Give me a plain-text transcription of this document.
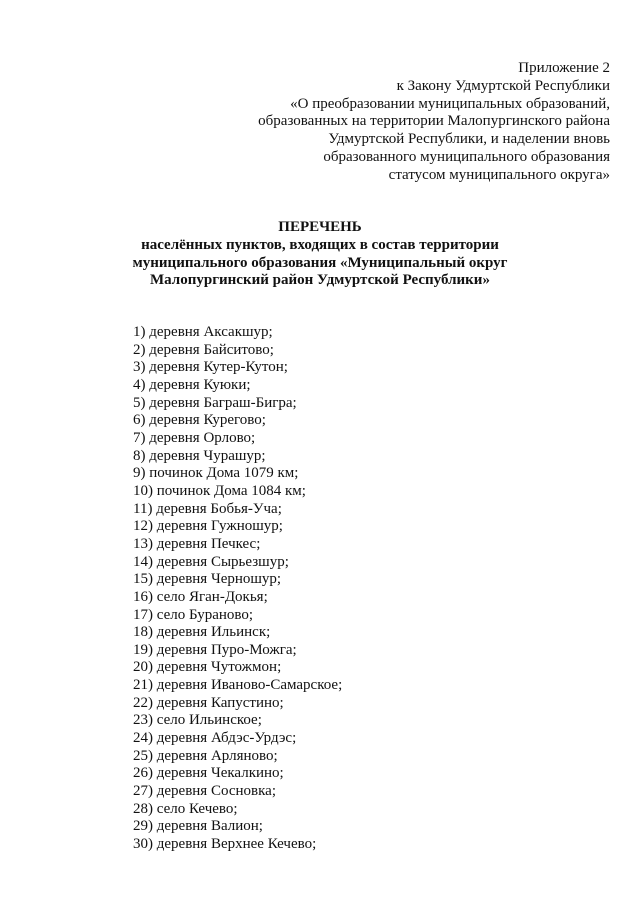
Приложение 2
к Закону Удмуртской Республики
«О преобразовании муниципальных образований,
образованных на территории Малопургинского района
Удмуртской Республики, и наделении вновь
образованного муниципального образования
статусом муниципального округа»
ПЕРЕЧЕНЬ
населённых пунктов, входящих в состав территории
муниципального образования «Муниципальный округ
Малопургинский район Удмуртской Республики»
1) деревня Аксакшур;
2) деревня Байситово;
3) деревня Кутер-Кутон;
4) деревня Куюки;
5) деревня Баграш-Бигра;
6) деревня Курегово;
7) деревня Орлово;
8) деревня Чурашур;
9) починок Дома 1079 км;
10) починок Дома 1084 км;
11) деревня Бобья-Уча;
12) деревня Гужношур;
13) деревня Печкес;
14) деревня Сырьезшур;
15) деревня Черношур;
16) село Яган-Докья;
17) село Бураново;
18) деревня Ильинск;
19) деревня Пуро-Можга;
20) деревня Чутожмон;
21) деревня Иваново-Самарское;
22) деревня Капустино;
23) село Ильинское;
24) деревня Абдэс-Урдэс;
25) деревня Арляново;
26) деревня Чекалкино;
27) деревня Сосновка;
28) село Кечево;
29) деревня Валион;
30) деревня Верхнее Кечево;
